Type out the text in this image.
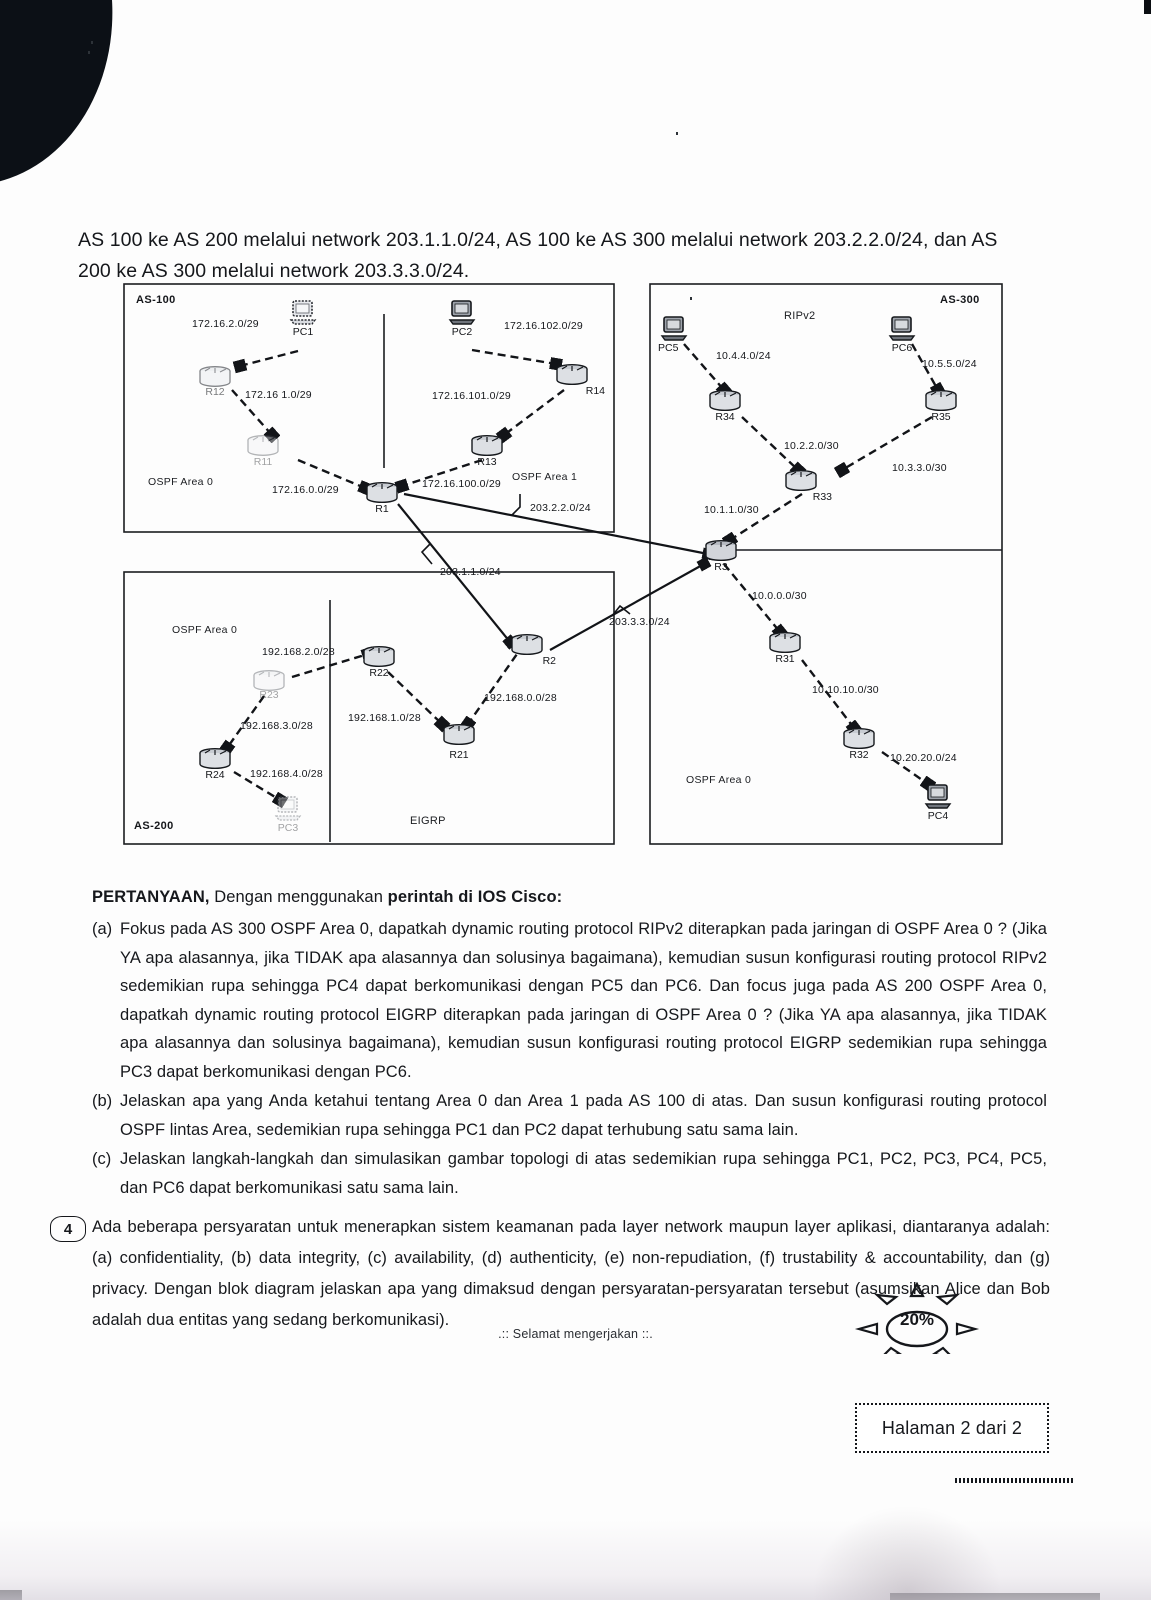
AS 100 ke AS 200 melalui network 203.1.1.0/24, AS 100 ke AS 300 melalui network 203.2.2.0/24, dan AS 200 ke AS 300 melalui network 203.3.3.0/24.

AS-100
AS-200
AS-300
OSPF Area 0	OSPF Area 1
OSPF Area 0
EIGRP
RIPv2
OSPF Area 0
PC1	PC2
R12
R11
R14
R13
R1
172.16.2.0/29
172.16 1.0/29
172.16.0.0/29
172.16.102.0/29
172.16.101.0/29
172.16.100.0/29
R2
R22
R21
R23
R24
PC3
192.168.2.0/28
192.168.1.0/28
192.168.0.0/28
192.168.3.0/28
192.168.4.0/28
PC5	PC6
R34	R35
R33
R3
R31
R32
PC4
10.4.4.0/24
10.5.5.0/24
10.2.2.0/30
10.3.3.0/30
10.1.1.0/30
10.0.0.0/30
10.10.10.0/30
10.20.20.0/24
203.2.2.0/24
203.1.1.0/24
203.3.3.0/24
PERTANYAAN, Dengan menggunakan perintah di IOS Cisco:
(a) Fokus pada AS 300 OSPF Area 0, dapatkah dynamic routing protocol RIPv2 diterapkan pada jaringan di OSPF Area 0 ? (Jika YA apa alasannya, jika TIDAK apa alasannya dan solusinya bagaimana), kemudian susun konfigurasi routing protocol RIPv2 sedemikian rupa sehingga PC4 dapat berkomunikasi dengan PC5 dan PC6. Dan focus juga pada AS 200 OSPF Area 0, dapatkah dynamic routing protocol EIGRP diterapkan pada jaringan di OSPF Area 0 ? (Jika YA apa alasannya, jika TIDAK apa alasannya dan solusinya bagaimana), kemudian susun konfigurasi routing protocol EIGRP sedemikian rupa sehingga PC3 dapat berkomunikasi dengan PC6.
(b) Jelaskan apa yang Anda ketahui tentang Area 0 dan Area 1 pada AS 100 di atas. Dan susun konfigurasi routing protocol OSPF lintas Area, sedemikian rupa sehingga PC1 dan PC2 dapat terhubung satu sama lain.
(c) Jelaskan langkah-langkah dan simulasikan gambar topologi di atas sedemikian rupa sehingga PC1, PC2, PC3, PC4, PC5, dan PC6 dapat berkomunikasi satu sama lain.
4	Ada beberapa persyaratan untuk menerapkan sistem keamanan pada layer network maupun layer aplikasi, diantaranya adalah: (a) confidentiality, (b) data integrity, (c) availability, (d) authenticity, (e) non-repudiation, (f) trustability & accountability, dan (g) privacy. Dengan blok diagram jelaskan apa yang dimaksud dengan persyaratan-persyaratan tersebut (asumsikan Alice dan Bob adalah dua entitas yang sedang berkomunikasi).	20%
.:: Selamat mengerjakan ::.
Halaman 2 dari 2
